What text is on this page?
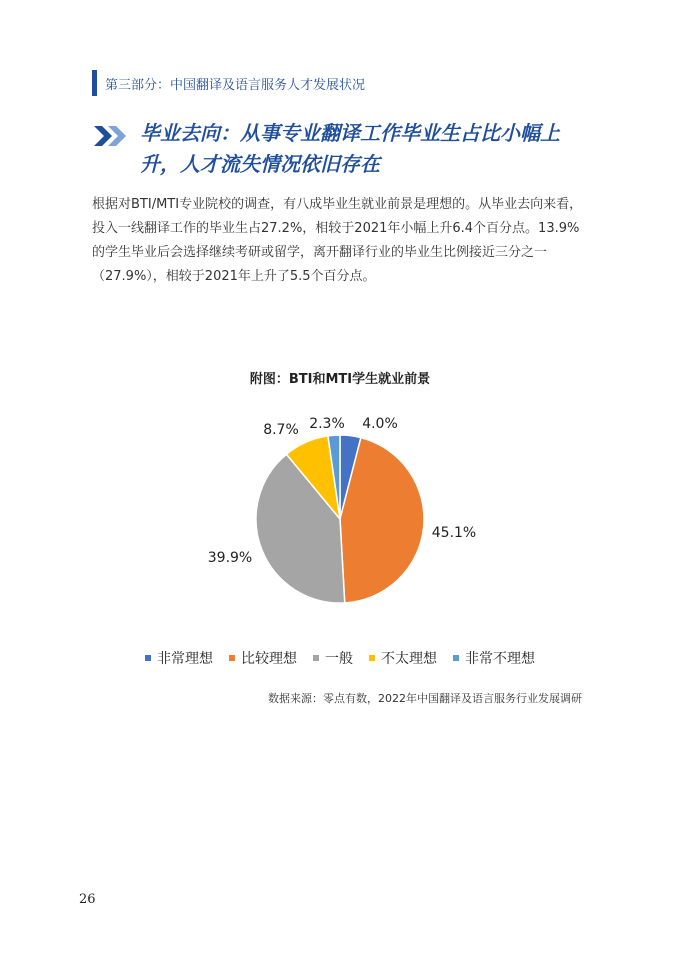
第三部分：中国翻译及语言服务人才发展状况
毕业去向：从事专业翻译工作毕业生占比小幅上
升，人才流失情况依旧存在

根据对BTI/MTI专业院校的调查，有八成毕业生就业前景是理想的。从毕业去向来看，投入一线翻译工作的毕业生占27.2%，相较于2021年小幅上升6.4个百分点。13.9%的学生毕业后会选择继续考研或留学，离开翻译行业的毕业生比例接近三分之一（27.9%），相较于2021年上升了5.5个百分点。

附图：BTI和MTI学生就业前景
4.0%
45.1%
39.9%
8.7% 2.3%
非常理想 比较理想 一般 不太理想 非常不理想
数据来源：零点有数，2022年中国翻译及语言服务行业发展调研
26
